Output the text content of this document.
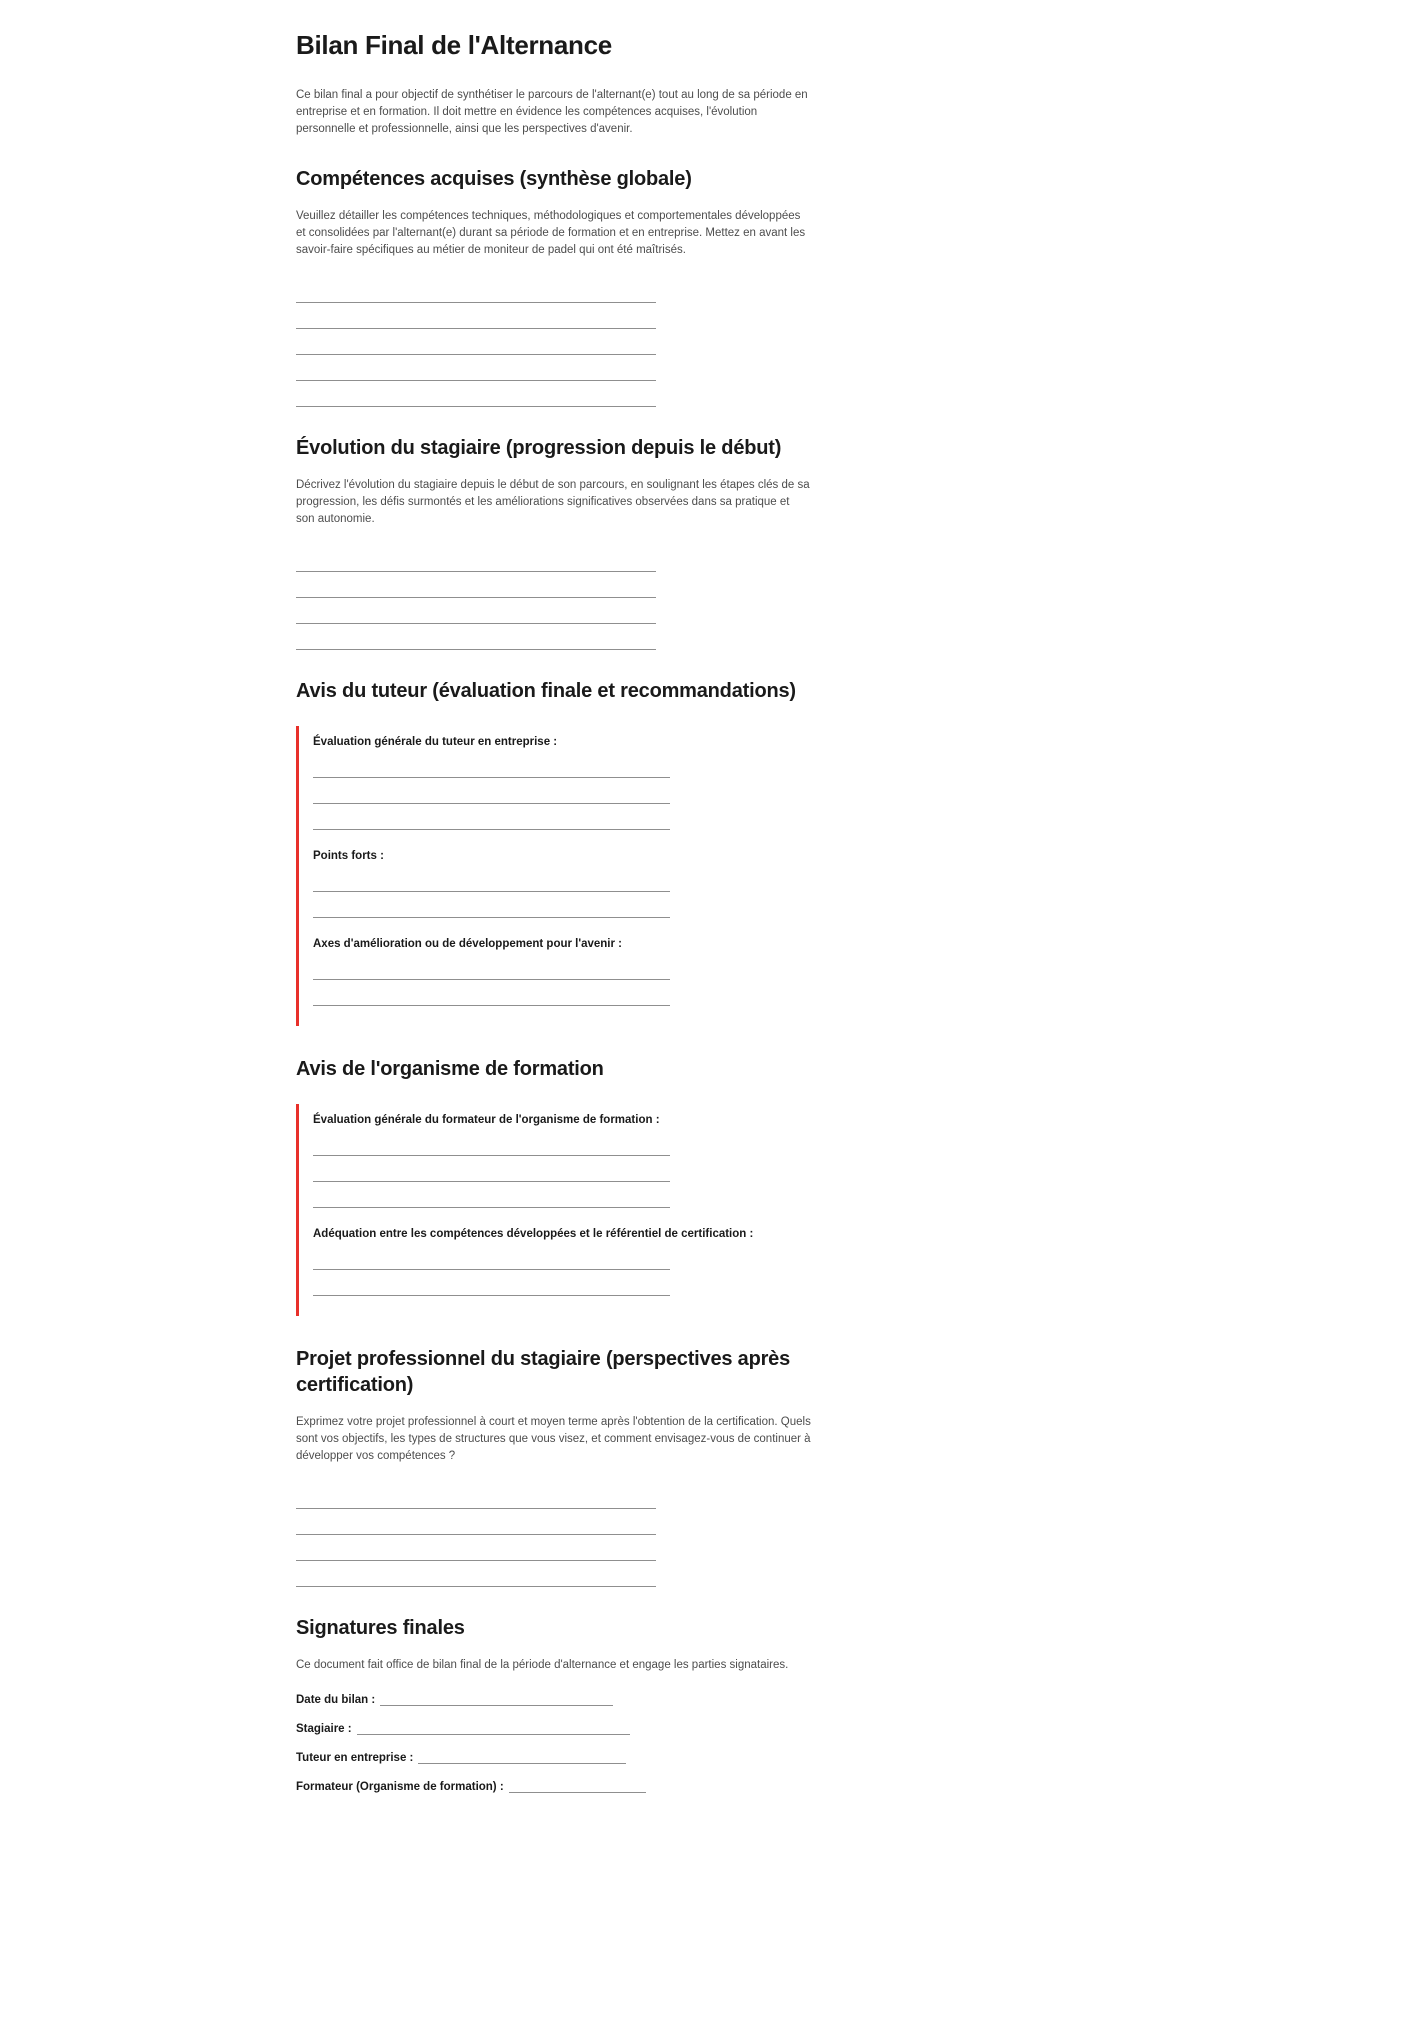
Bilan Final de l'Alternance

Ce bilan final a pour objectif de synthétiser le parcours de l'alternant(e) tout au long de sa période en entreprise et en formation. Il doit mettre en évidence les compétences acquises, l'évolution personnelle et professionnelle, ainsi que les perspectives d'avenir.

Compétences acquises (synthèse globale)

Veuillez détailler les compétences techniques, méthodologiques et comportementales développées et consolidées par l'alternant(e) durant sa période de formation et en entreprise. Mettez en avant les savoir-faire spécifiques au métier de moniteur de padel qui ont été maîtrisés.

Évolution du stagiaire (progression depuis le début)

Décrivez l'évolution du stagiaire depuis le début de son parcours, en soulignant les étapes clés de sa progression, les défis surmontés et les améliorations significatives observées dans sa pratique et son autonomie.

Avis du tuteur (évaluation finale et recommandations)
Évaluation générale du tuteur en entreprise :
Points forts :
Axes d'amélioration ou de développement pour l'avenir :
Avis de l'organisme de formation
Évaluation générale du formateur de l'organisme de formation :
Adéquation entre les compétences développées et le référentiel de certification :
Projet professionnel du stagiaire (perspectives après certification)

Exprimez votre projet professionnel à court et moyen terme après l'obtention de la certification. Quels sont vos objectifs, les types de structures que vous visez, et comment envisagez-vous de continuer à développer vos compétences ?

Signatures finales

Ce document fait office de bilan final de la période d'alternance et engage les parties signataires.

Date du bilan :
Stagiaire :
Tuteur en entreprise :
Formateur (Organisme de formation) :
